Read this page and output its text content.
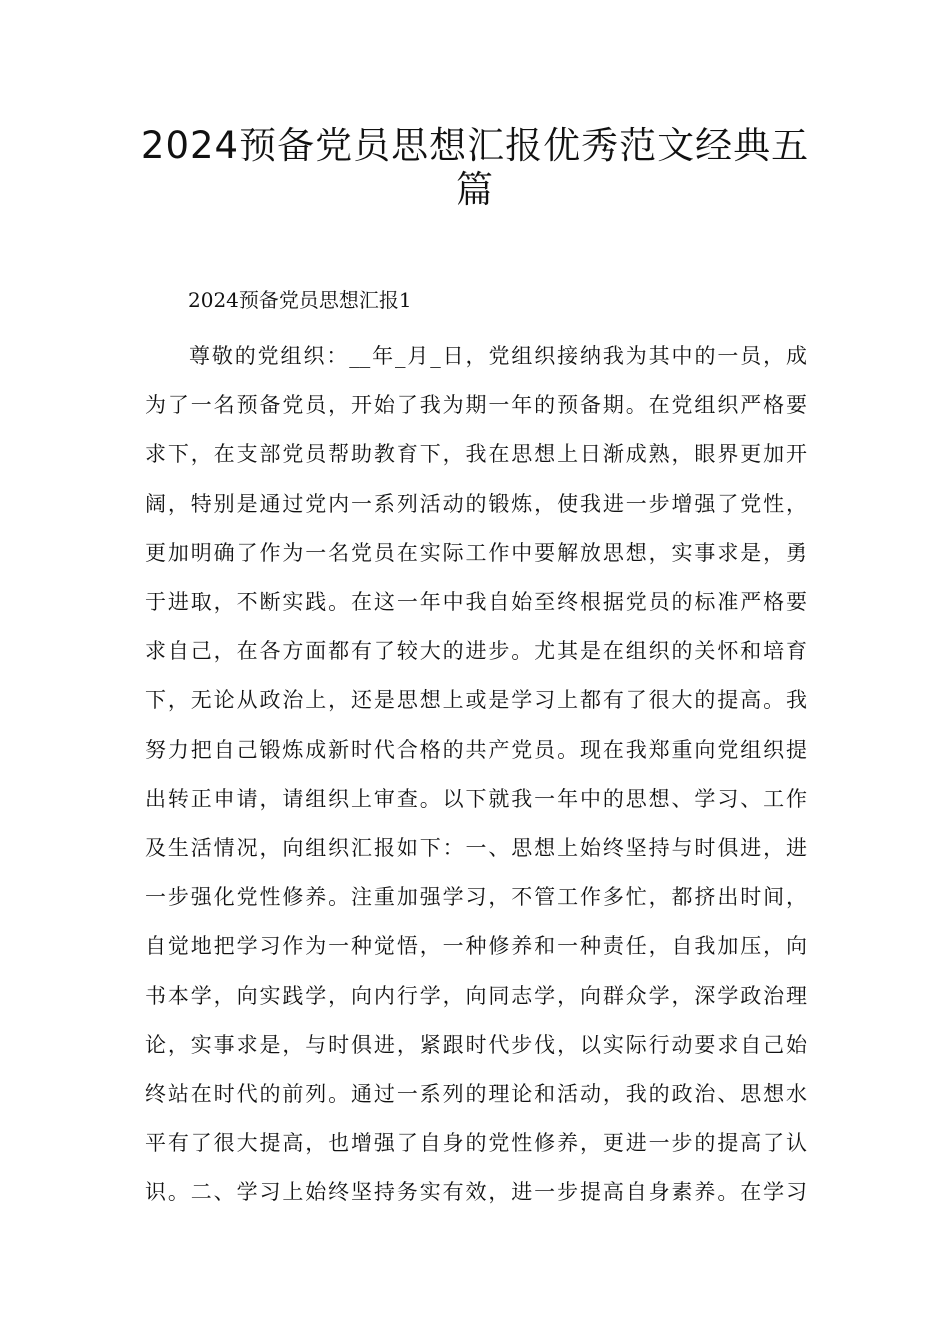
2024预备党员思想汇报优秀范文经典五
篇

2024预备党员思想汇报1

尊敬的党组织：__年_月_日，党组织接纳我为其中的一员，成
为了一名预备党员，开始了我为期一年的预备期。在党组织严格要
求下，在支部党员帮助教育下，我在思想上日渐成熟，眼界更加开
阔，特别是通过党内一系列活动的锻炼，使我进一步增强了党性，
更加明确了作为一名党员在实际工作中要解放思想，实事求是，勇
于进取，不断实践。在这一年中我自始至终根据党员的标准严格要
求自己，在各方面都有了较大的进步。尤其是在组织的关怀和培育
下，无论从政治上，还是思想上或是学习上都有了很大的提高。我
努力把自己锻炼成新时代合格的共产党员。现在我郑重向党组织提
出转正申请，请组织上审查。以下就我一年中的思想、学习、工作
及生活情况，向组织汇报如下：一、思想上始终坚持与时俱进，进
一步强化党性修养。注重加强学习，不管工作多忙，都挤出时间，
自觉地把学习作为一种觉悟，一种修养和一种责任，自我加压，向
书本学，向实践学，向内行学，向同志学，向群众学，深学政治理
论，实事求是，与时俱进，紧跟时代步伐，以实际行动要求自己始
终站在时代的前列。通过一系列的理论和活动，我的政治、思想水
平有了很大提高，也增强了自身的党性修养，更进一步的提高了认
识。二、学习上始终坚持务实有效，进一步提高自身素养。在学习
